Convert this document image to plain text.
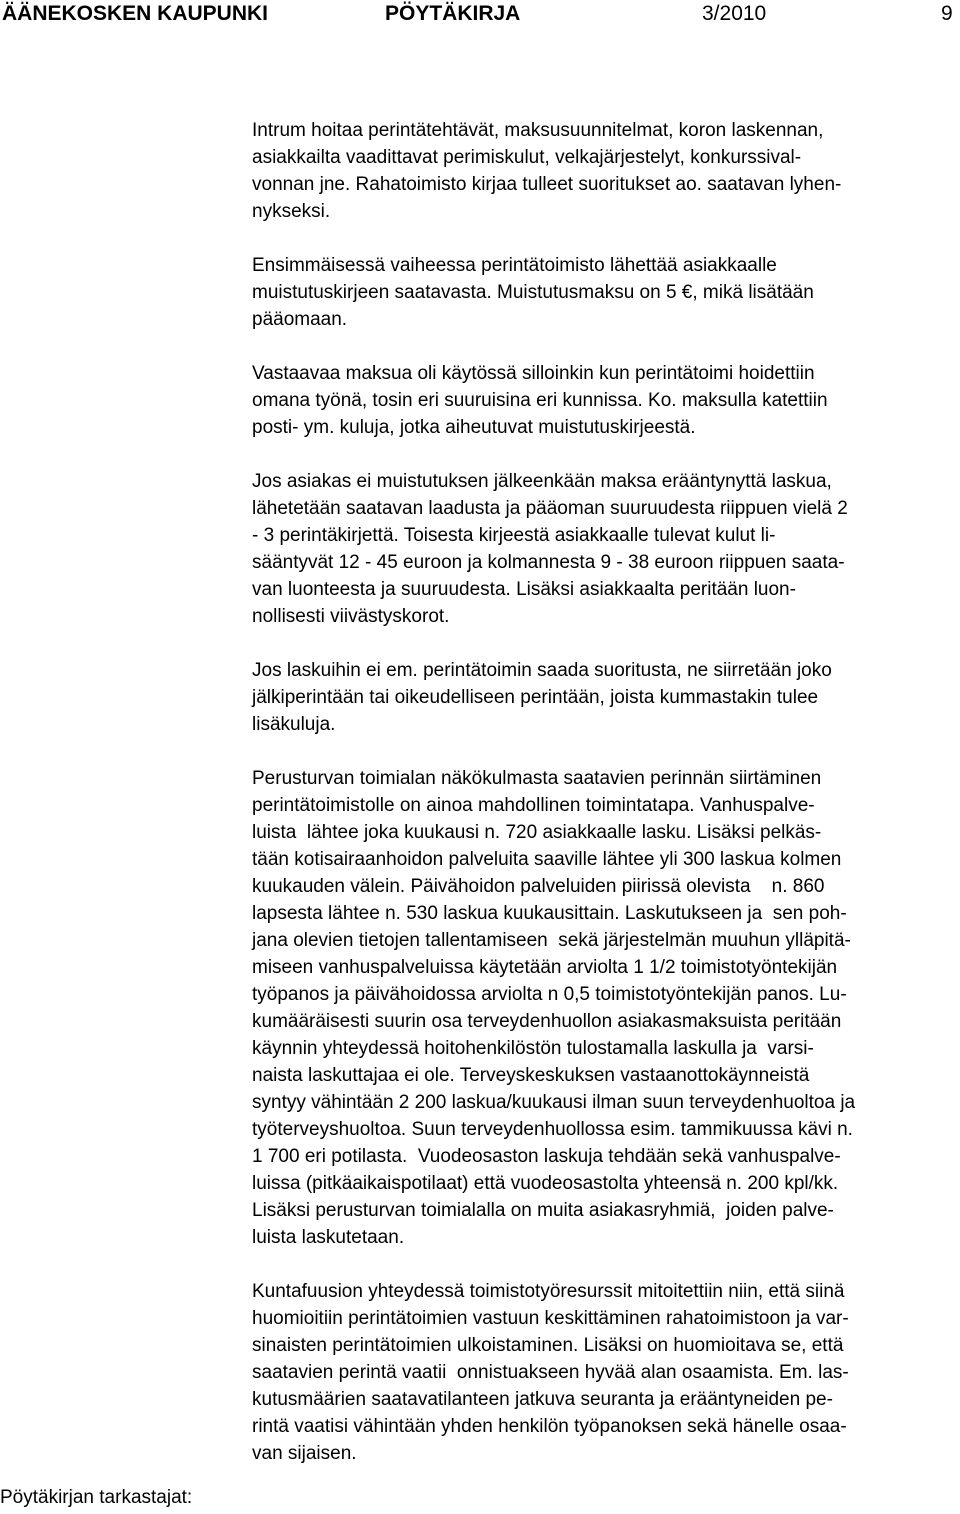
ÄÄNEKOSKEN KAUPUNKI	PÖYTÄKIRJA	3/2010	9
Intrum hoitaa perintätehtävät, maksusuunnitelmat, koron laskennan,
asiakkailta vaadittavat perimiskulut, velkajärjestelyt, konkurssival-
vonnan jne. Rahatoimisto kirjaa tulleet suoritukset ao. saatavan lyhen-
nykseksi.
Ensimmäisessä vaiheessa perintätoimisto lähettää asiakkaalle
muistutuskirjeen saatavasta. Muistutusmaksu on 5 €, mikä lisätään
pääomaan.
Vastaavaa maksua oli käytössä silloinkin kun perintätoimi hoidettiin
omana työnä, tosin eri suuruisina eri kunnissa. Ko. maksulla katettiin
posti- ym. kuluja, jotka aiheutuvat muistutuskirjeestä.
Jos asiakas ei muistutuksen jälkeenkään maksa erääntynyttä laskua,
lähetetään saatavan laadusta ja pääoman suuruudesta riippuen vielä 2
- 3 perintäkirjettä. Toisesta kirjeestä asiakkaalle tulevat kulut li-
sääntyvät 12 - 45 euroon ja kolmannesta 9 - 38 euroon riippuen saata-
van luonteesta ja suuruudesta. Lisäksi asiakkaalta peritään luon-
nollisesti viivästyskorot.
Jos laskuihin ei em. perintätoimin saada suoritusta, ne siirretään joko
jälkiperintään tai oikeudelliseen perintään, joista kummastakin tulee
lisäkuluja.
Perusturvan toimialan näkökulmasta saatavien perinnän siirtäminen
perintätoimistolle on ainoa mahdollinen toimintatapa. Vanhuspalve-
luista  lähtee joka kuukausi n. 720 asiakkaalle lasku. Lisäksi pelkäs-
tään kotisairaanhoidon palveluita saaville lähtee yli 300 laskua kolmen
kuukauden välein. Päivähoidon palveluiden piirissä olevista    n. 860
lapsesta lähtee n. 530 laskua kuukausittain. Laskutukseen ja  sen poh-
jana olevien tietojen tallentamiseen  sekä järjestelmän muuhun ylläpitä-
miseen vanhuspalveluissa käytetään arviolta 1 1/2 toimistotyöntekijän
työpanos ja päivähoidossa arviolta n 0,5 toimistotyöntekijän panos. Lu-
kumääräisesti suurin osa terveydenhuollon asiakasmaksuista peritään
käynnin yhteydessä hoitohenkilöstön tulostamalla laskulla ja  varsi-
naista laskuttajaa ei ole. Terveyskeskuksen vastaanottokäynneistä
syntyy vähintään 2 200 laskua/kuukausi ilman suun terveydenhuoltoa ja
työterveyshuoltoa. Suun terveydenhuollossa esim. tammikuussa kävi n.
1 700 eri potilasta.  Vuodeosaston laskuja tehdään sekä vanhuspalve-
luissa (pitkäaikaispotilaat) että vuodeosastolta yhteensä n. 200 kpl/kk.
Lisäksi perusturvan toimialalla on muita asiakasryhmiä,  joiden palve-
luista laskutetaan.
Kuntafuusion yhteydessä toimistotyöresurssit mitoitettiin niin, että siinä
huomioitiin perintätoimien vastuun keskittäminen rahatoimistoon ja var-
sinaisten perintätoimien ulkoistaminen. Lisäksi on huomioitava se, että
saatavien perintä vaatii  onnistuakseen hyvää alan osaamista. Em. las-
kutusmäärien saatavatilanteen jatkuva seuranta ja erääntyneiden pe-
rintä vaatisi vähintään yhden henkilön työpanoksen sekä hänelle osaa-
van sijaisen.
Pöytäkirjan tarkastajat:
